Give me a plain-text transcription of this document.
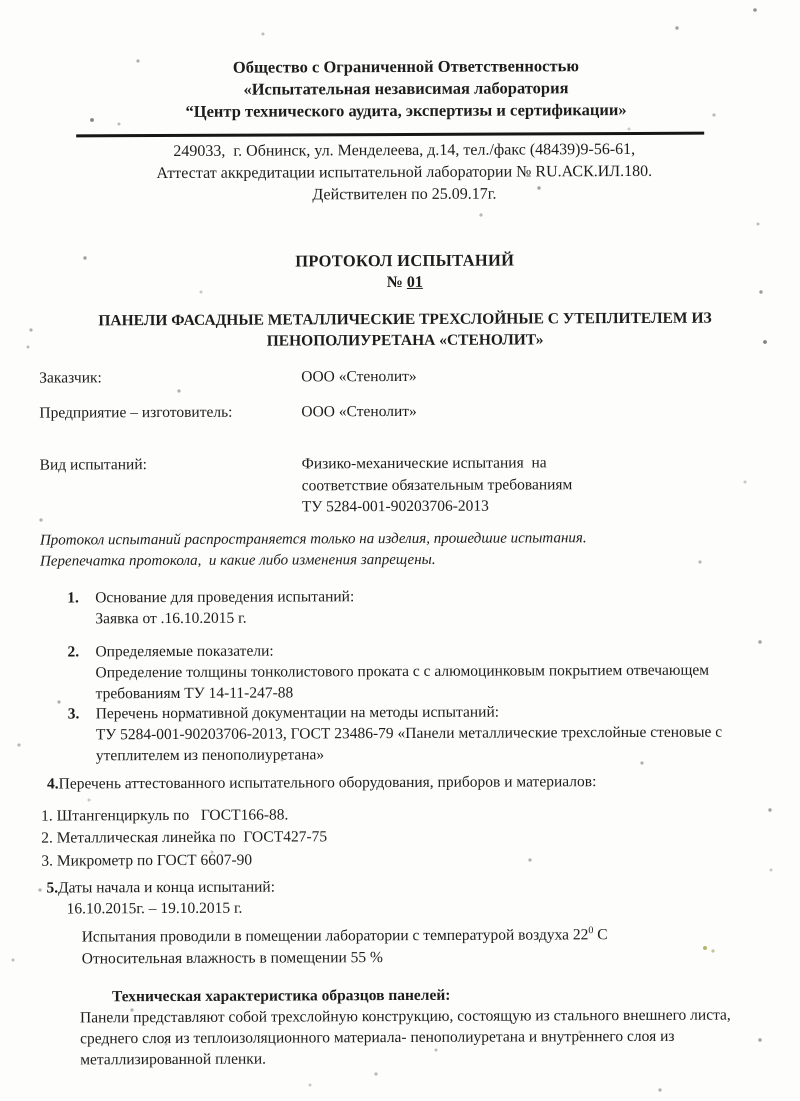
Общество с Ограниченной Ответственностью
«Испытательная независимая лаборатория
“Центр технического аудита, экспертизы и сертификации»
249033,  г. Обнинск, ул. Менделеева, д.14, тел./факс (48439)9-56-61,
Аттестат аккредитации испытательной лаборатории № RU.АСК.ИЛ.180.
Действителен по 25.09.17г.
ПРОТОКОЛ ИСПЫТАНИЙ
№ 01
ПАНЕЛИ ФАСАДНЫЕ МЕТАЛЛИЧЕСКИЕ ТРЕХСЛОЙНЫЕ С УТЕПЛИТЕЛЕМ ИЗ
ПЕНОПОЛИУРЕТАНА «СТЕНОЛИТ»
Заказчик:	ООО «Стенолит»
Предприятие – изготовитель:	ООО «Стенолит»
Вид испытаний:	Физико-механические испытания  на
соответствие обязательным требованиям
ТУ 5284-001-90203706-2013
Протокол испытаний распространяется только на изделия, прошедшие испытания.
Перепечатка протокола,  и какие либо изменения запрещены.
1.	Основание для проведения испытаний:
Заявка от .16.10.2015 г.
2.	Определяемые показатели:
Определение толщины тонколистового проката с с алюмоцинковым покрытием отвечающем
требованиям ТУ 14-11-247-88
3.	Перечень нормативной документации на методы испытаний:
ТУ 5284-001-90203706-2013, ГОСТ 23486-79 «Панели металлические трехслойные стеновые с
утеплителем из пенополиуретана»
4.Перечень аттестованного испытательного оборудования, приборов и материалов:
1. Штангенциркуль по   ГОСТ166-88.
2. Металлическая линейка по  ГОСТ427-75
3. Микрометр по ГОСТ 6607-90
5.Даты начала и конца испытаний:
16.10.2015г. – 19.10.2015 г.
Испытания проводили в помещении лаборатории с температурой воздуха $22^0$ С
Относительная влажность в помещении 55 %
Техническая характеристика образцов панелей:
Панели представляют собой трехслойную конструкцию, состоящую из стального внешнего листа,
среднего слоя из теплоизоляционного материала- пенополиуретана и внутреннего слоя из
металлизированной пленки.
